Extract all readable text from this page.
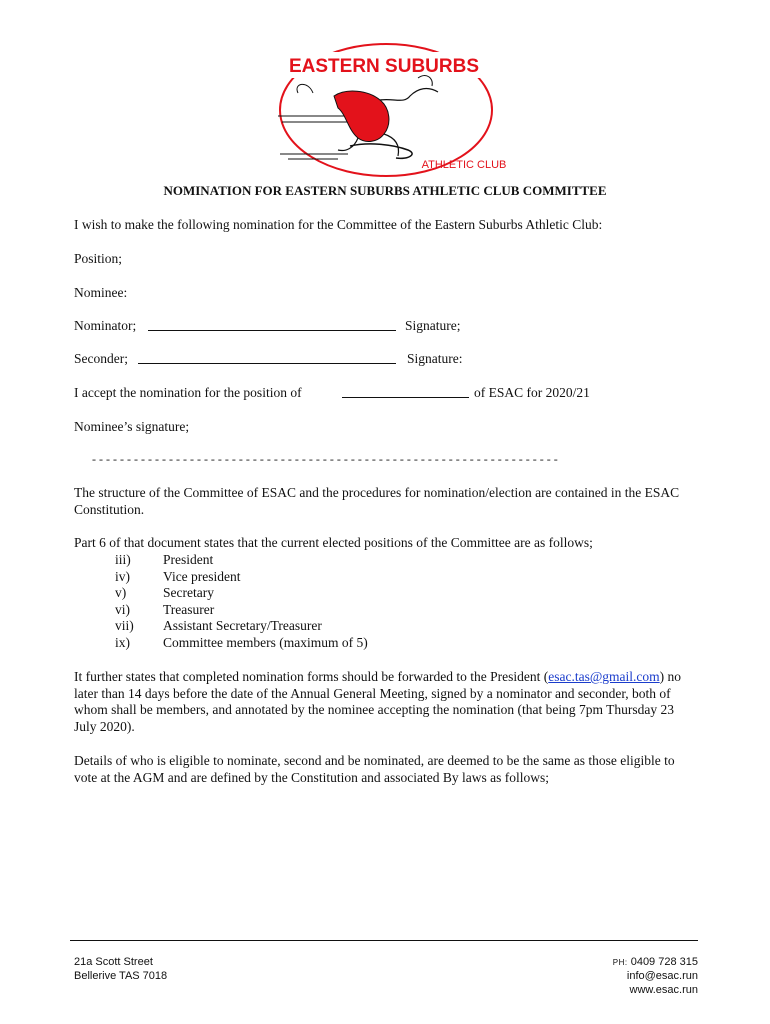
EASTERN SUBURBS
ATHLETIC CLUB
NOMINATION FOR EASTERN SUBURBS ATHLETIC CLUB COMMITTEE
I wish to make the following nomination for the Committee of the Eastern Suburbs Athletic Club:
Position;
Nominee:
Nominator;	Signature;
Seconder;	Signature:
I accept the nomination for the position of	of ESAC for 2020/21
Nominee’s signature;
- - - - - - - - - - - - - - - - - - - - - - - - - - - - - - - - - - - - - - - - - - - - - - - - - - - - - - - - - - - - - - - - - - -
The structure of the Committee of ESAC and the procedures for nomination/election are contained in the ESAC Constitution.
Part 6 of that document states that the current elected positions of the Committee are as follows;
iii) President
iv) Vice president
v)	Secretary
vi) Treasurer
vii) Assistant Secretary/Treasurer
ix) Committee members (maximum of 5)
It further states that completed nomination forms should be forwarded to the President (esac.tas@gmail.com) no later than 14 days before the date of the Annual General Meeting, signed by a nominator and seconder, both of whom shall be members, and annotated by the nominee accepting the nomination (that being 7pm Thursday 23 July 2020).
Details of who is eligible to nominate, second and be nominated, are deemed to be the same as those eligible to vote at the AGM and are defined by the Constitution and associated By laws as follows;
21a Scott Street
Bellerive TAS 7018
PH: 0409 728 315
info@esac.run
www.esac.run
